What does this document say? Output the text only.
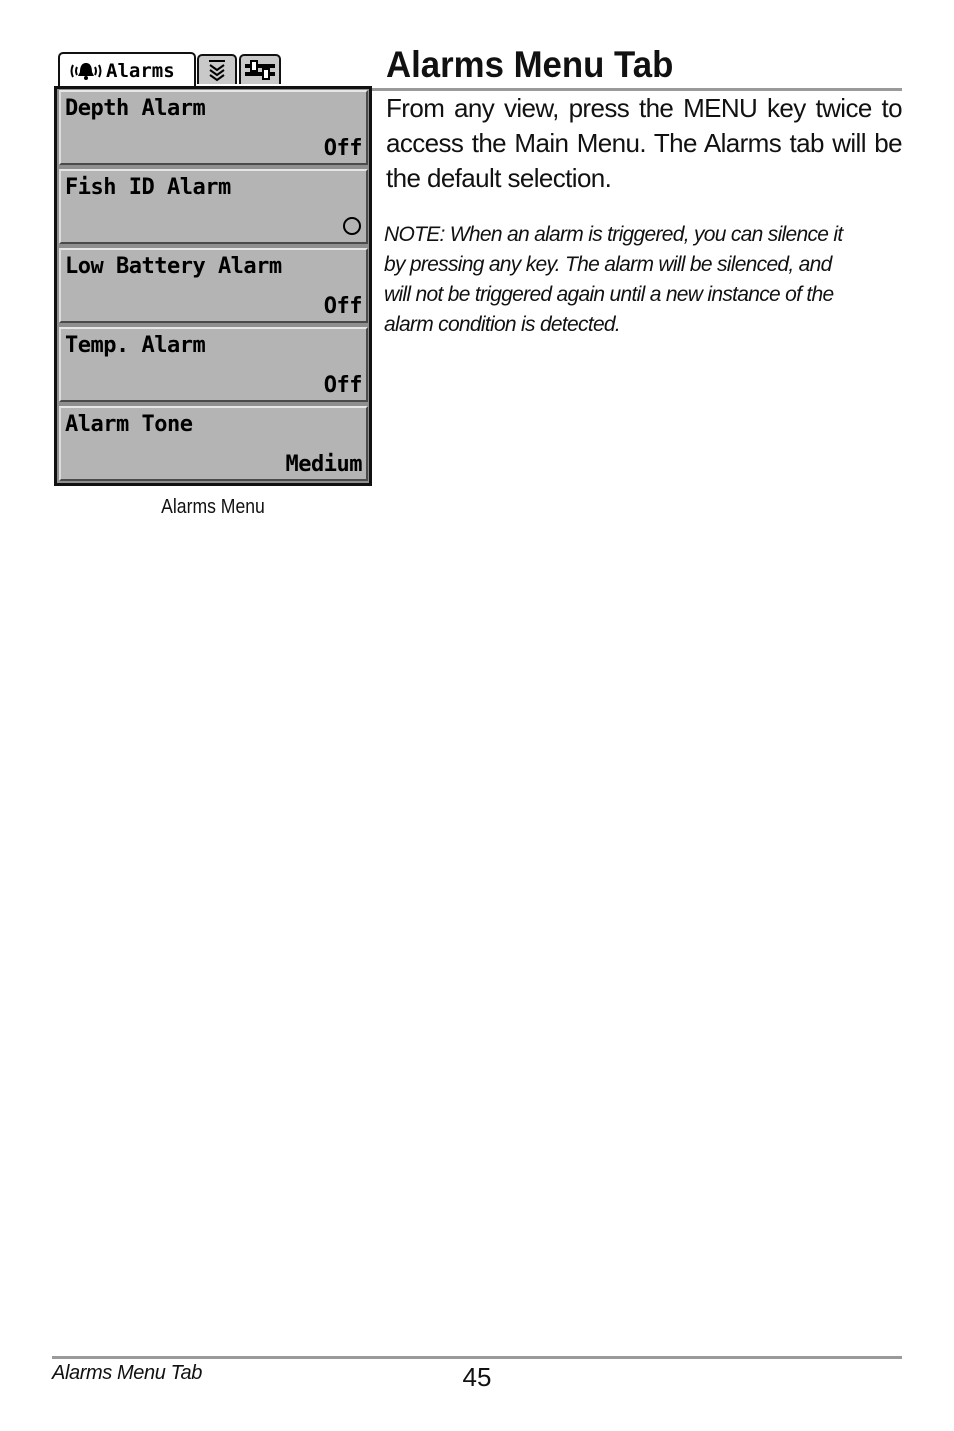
Alarms
Depth Alarm
Off
Fish ID Alarm
Low Battery Alarm
Off
Temp. Alarm
Off
Alarm Tone
Medium
Alarms Menu
Alarms Menu Tab

From any view, press the MENU key twice to access the Main Menu. The Alarms tab will be the default selection.

NOTE: When an alarm is triggered, you can silence it by pressing any key. The alarm will be silenced, and will not be triggered again until a new instance of the alarm condition is detected.

Alarms Menu Tab	45
